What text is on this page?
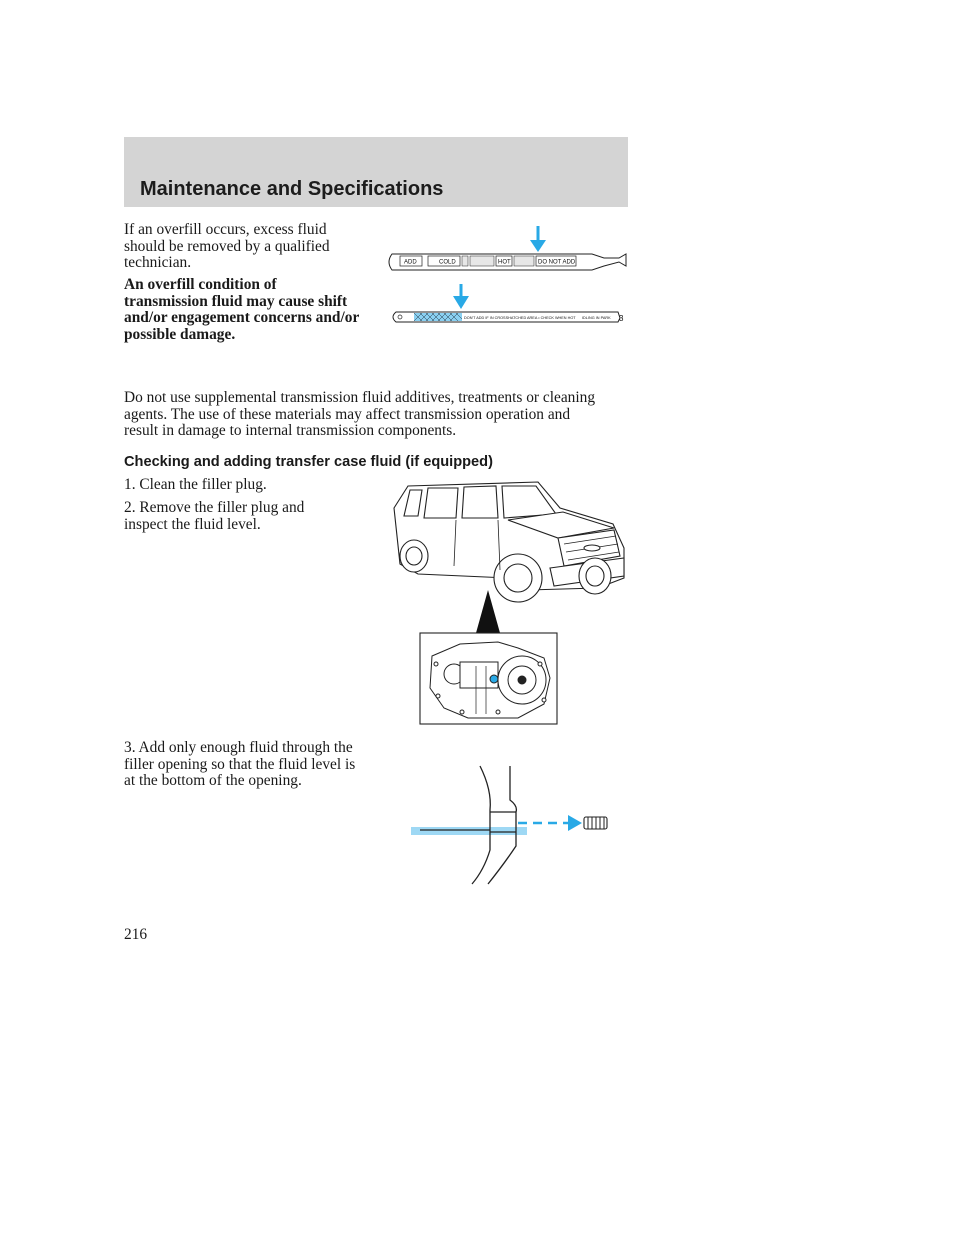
Maintenance and Specifications
If an overfill occurs, excess fluid should be removed by a qualified technician.
An overfill condition of transmission fluid may cause shift and/or engagement concerns and/or possible damage.
ADD	COLD	HOT	DO NOT ADD
DON'T ADD IF IN CROSSHATCHED AREA • CHECK WHEN HOT IDLING IN PARK 3
Do not use supplemental transmission fluid additives, treatments or cleaning agents. The use of these materials may affect transmission operation and result in damage to internal transmission components.
Checking and adding transfer case fluid (if equipped)
1. Clean the filler plug.
2. Remove the filler plug and inspect the fluid level.
3. Add only enough fluid through the filler opening so that the fluid level is at the bottom of the opening.
216
